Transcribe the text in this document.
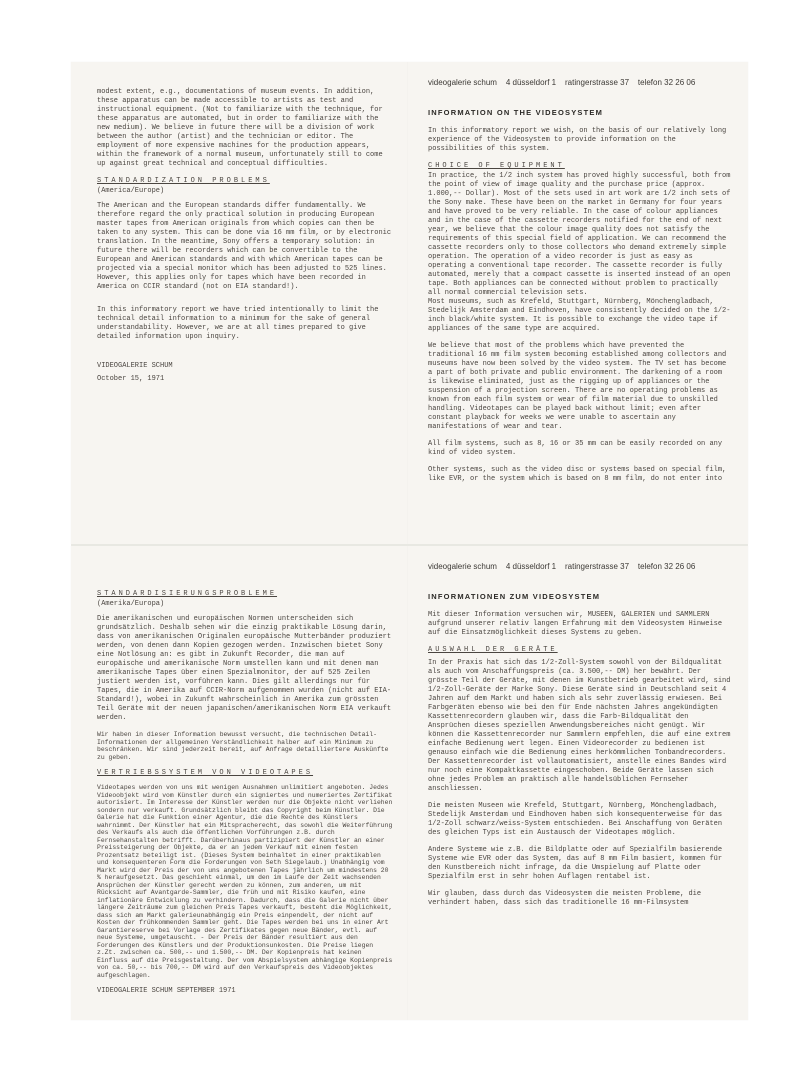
modest extent, e.g., documentations of museum events. In addition, these apparatus can be made accessible to artists as test and instructional equipment. (Not to familiarize with the technique, for these apparatus are automated, but in order to familiarize with the new medium). We believe in future there will be a division of work between the author (artist) and the technician or editor. The employment of more expensive machines for the production appears, within the framework of a normal museum, unfortunately still to come up against great technical and conceptual difficulties.

STANDARDIZATION PROBLEMS
(America/Europe)

The American and the European standards differ fundamentally. We therefore regard the only practical solution in producing European master tapes from American originals from which copies can then be taken to any system. This can be done via 16 mm film, or by electronic translation. In the meantime, Sony offers a temporary solution: in future there will be recorders which can be convertible to the European and American standards and with which American tapes can be projected via a special monitor which has been adjusted to 525 lines. However, this applies only for tapes which have been recorded in America on CCIR standard (not on EIA standard!).

In this informatory report we have tried intentionally to limit the technical detail information to a minimum for the sake of general understandability. However, we are at all times prepared to give detailed information upon inquiry.

VIDEOGALERIE SCHUM
October 15, 1971
videogalerie schum 4 düsseldorf 1 ratingerstrasse 37 telefon 32 26 06
INFORMATION ON THE VIDEOSYSTEM

In this informatory report we wish, on the basis of our relatively long experience of the Videosystem to provide information on the possibilities of this system.

CHOICE OF EQUIPMENT

In practice, the 1/2 inch system has proved highly successful, both from the point of view of image quality and the purchase price (approx. 1.000,-- Dollar). Most of the sets used in art work are 1/2 inch sets of the Sony make. These have been on the market in Germany for four years and have proved to be very reliable. In the case of colour appliances and in the case of the cassette recorders notified for the end of next year, we believe that the colour image quality does not satisfy the requirements of this special field of application. We can recommend the cassette recorders only to those collectors who demand extremely simple operation. The operation of a video recorder is just as easy as operating a conventional tape recorder. The cassette recorder is fully automated, merely that a compact cassette is inserted instead of an open tape. Both appliances can be connected without problem to practically all normal commercial television sets.

Most museums, such as Krefeld, Stuttgart, Nürnberg, Mönchengladbach, Stedelijk Amsterdam and Eindhoven, have consistently decided on the 1/2-inch black/white system. It is possible to exchange the video tape if appliances of the same type are acquired.

We believe that most of the problems which have prevented the traditional 16 mm film system becoming established among collectors and museums have now been solved by the video system. The TV set has become a part of both private and public environment. The darkening of a room is likewise eliminated, just as the rigging up of appliances or the suspension of a projection screen. There are no operating problems as known from each film system or wear of film material due to unskilled handling. Videotapes can be played back without limit; even after constant playback for weeks we were unable to ascertain any manifestations of wear and tear.

All film systems, such as 8, 16 or 35 mm can be easily recorded on any kind of video system.

Other systems, such as the video disc or systems based on special film, like EVR, or the system which is based on 8 mm film, do not enter into

STANDARDISIERUNGSPROBLEME
(Amerika/Europa)

Die amerikanischen und europäischen Normen unterscheiden sich grundsätzlich. Deshalb sehen wir die einzig praktikable Lösung darin, dass von amerikanischen Originalen europäische Mutterbänder produziert werden, von denen dann Kopien gezogen werden. Inzwischen bietet Sony eine Notlösung an: es gibt in Zukunft Recorder, die man auf europäische und amerikanische Norm umstellen kann und mit denen man amerikanische Tapes über einen Spezialmonitor, der auf 525 Zeilen justiert werden ist, vorführen kann. Dies gilt allerdings nur für Tapes, die in Amerika auf CCIR-Norm aufgenommen wurden (nicht auf EIA-Standard!), wobei in Zukunft wahrscheinlich in Amerika zum grössten Teil Geräte mit der neuen japanischen/amerikanischen Norm EIA verkauft werden.

Wir haben in dieser Information bewusst versucht, die technischen Detail-Informationen der allgemeinen Verständlichkeit halber auf ein Minimum zu beschränken. Wir sind jederzeit bereit, auf Anfrage detailliertere Auskünfte zu geben.

VERTRIEBSSYSTEM VON VIDEOTAPES

Videotapes werden von uns mit wenigen Ausnahmen unlimitiert angeboten. Jedes Videoobjekt wird vom Künstler durch ein signiertes und numeriertes Zertifikat autorisiert. Im Interesse der Künstler werden nur die Objekte nicht verliehen sondern nur verkauft. Grundsätzlich bleibt das Copyright beim Künstler. Die Galerie hat die Funktion einer Agentur, die die Rechte des Künstlers wahrnimmt. Der Künstler hat ein Mitspracherecht, das sowohl die Weiterführung des Verkaufs als auch die öffentlichen Vorführungen z.B. durch Fernsehanstalten betrifft. Darüberhinaus partizipiert der Künstler an einer Preissteigerung der Objekte, da er an jedem Verkauf mit einem festen Prozentsatz beteiligt ist. (Dieses System beinhaltet in einer praktikablen und konsequenteren Form die Forderungen von Seth Siegelaub.) Unabhängig vom Markt wird der Preis der von uns angebotenen Tapes jährlich um mindestens 20 % heraufgesetzt. Das geschieht einmal, um den im Laufe der Zeit wachsenden Ansprüchen der Künstler gerecht werden zu können, zum anderen, um mit Rücksicht auf Avantgarde-Sammler, die früh und mit Risiko kaufen, eine inflationäre Entwicklung zu verhindern. Dadurch, dass die Galerie nicht über längere Zeiträume zum gleichen Preis Tapes verkauft, besteht die Möglichkeit, dass sich am Markt galerieunabhängig ein Preis einpendelt, der nicht auf Kosten der frühkommenden Sammler geht. Die Tapes werden bei uns in einer Art Garantiereserve bei Vorlage des Zertifikates gegen neue Bänder, evtl. auf neue Systeme, umgetauscht. - Der Preis der Bänder resultiert aus den Forderungen des Künstlers und der Produktionsunkosten. Die Preise liegen z.Zt. zwischen ca. 500,-- und 1.500,-- DM. Der Kopienpreis hat keinen Einfluss auf die Preisgestaltung. Der vom Abspielsystem abhängige Kopienpreis von ca. 50,-- bis 700,-- DM wird auf den Verkaufspreis des Videoobjektes aufgeschlagen.

VIDEOGALERIE SCHUM SEPTEMBER 1971
videogalerie schum 4 düsseldorf 1 ratingerstrasse 37 telefon 32 26 06
INFORMATIONEN ZUM VIDEOSYSTEM

Mit dieser Information versuchen wir, MUSEEN, GALERIEN und SAMMLERN aufgrund unserer relativ langen Erfahrung mit dem Videosystem Hinweise auf die Einsatzmöglichkeit dieses Systems zu geben.

AUSWAHL DER GERÄTE

In der Praxis hat sich das 1/2-Zoll-System sowohl von der Bildqualität als auch vom Anschaffungspreis (ca. 3.500,-- DM) her bewährt. Der grösste Teil der Geräte, mit denen im Kunstbetrieb gearbeitet wird, sind 1/2-Zoll-Geräte der Marke Sony. Diese Geräte sind in Deutschland seit 4 Jahren auf dem Markt und haben sich als sehr zuverlässig erwiesen. Bei Farbgeräten ebenso wie bei den für Ende nächsten Jahres angekündigten Kassettenrecordern glauben wir, dass die Farb-Bildqualität den Ansprüchen dieses speziellen Anwendungsbereiches nicht genügt. Wir können die Kassettenrecorder nur Sammlern empfehlen, die auf eine extrem einfache Bedienung wert legen. Einen Videorecorder zu bedienen ist genauso einfach wie die Bedienung eines herkömmlichen Tonbandrecorders. Der Kassettenrecorder ist vollautomatisiert, anstelle eines Bandes wird nur noch eine Kompaktkassette eingeschoben. Beide Geräte lassen sich ohne jedes Problem an praktisch alle handelsüblichen Fernseher anschliessen.

Die meisten Museen wie Krefeld, Stuttgart, Nürnberg, Mönchengladbach, Stedelijk Amsterdam und Eindhoven haben sich konsequenterweise für das 1/2-Zoll schwarz/weiss-System entschieden. Bei Anschaffung von Geräten des gleichen Typs ist ein Austausch der Videotapes möglich.

Andere Systeme wie z.B. die Bildplatte oder auf Spezialfilm basierende Systeme wie EVR oder das System, das auf 8 mm Film basiert, kommen für den Kunstbereich nicht infrage, da die Umspielung auf Platte oder Spezialfilm erst in sehr hohen Auflagen rentabel ist.

Wir glauben, dass durch das Videosystem die meisten Probleme, die verhindert haben, dass sich das traditionelle 16 mm-Filmsystem
